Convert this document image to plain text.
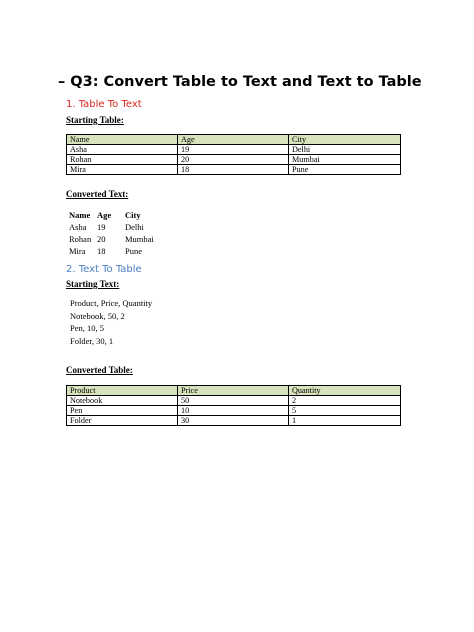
– Q3: Convert Table to Text and Text to Table
1. Table To Text
Starting Table:
Name	Age	City
Asha	19	Delhi
Rohan	20	Mumbai
Mira	18	Pune
Converted Text:
Name Age City
Asha 19 Delhi
Rohan 20 Mumbai
Mira 18 Pune
2. Text To Table
Starting Text:
Product, Price, Quantity
Notebook, 50, 2
Pen, 10, 5
Folder, 30, 1
Converted Table:
Product	Price	Quantity
Notebook	50	2
Pen	10	5
Folder	30	1
